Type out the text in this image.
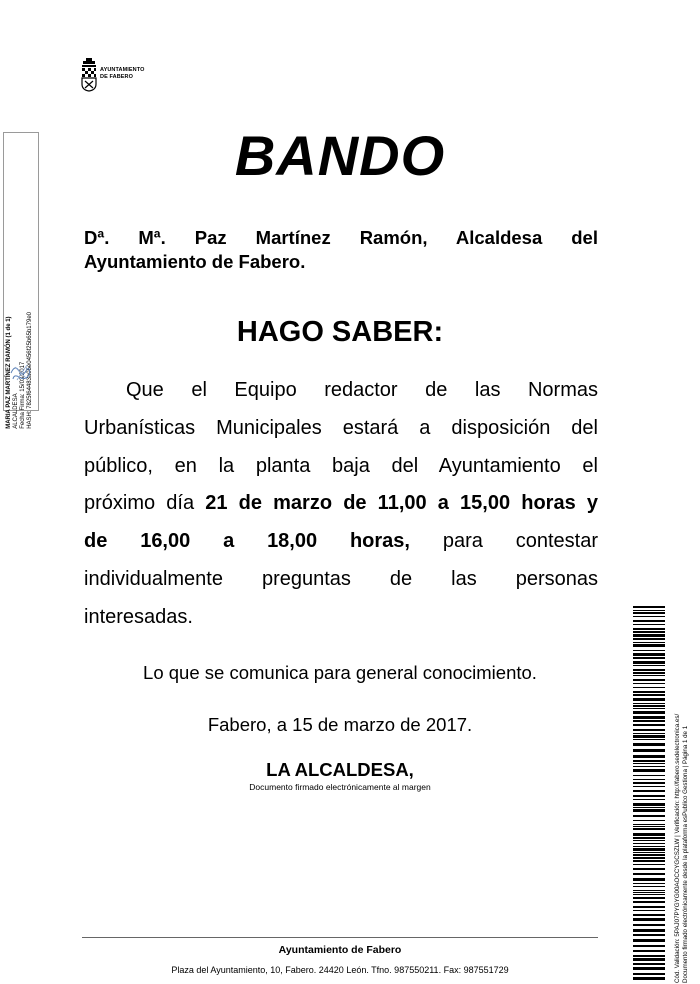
AYUNTAMIENTO
DE FABERO
MARIA PAZ MARTÍNEZ RAMÓN (1 de 1) ALCALDESA Fecha Firma: 15/03/2017 HASH: 7825f64483a05e0456f25b65b179e0
BANDO
Dª. Mª. Paz Martínez Ramón, Alcaldesa del
Ayuntamiento de Fabero.
HAGO SABER:
Que el Equipo redactor de las Normas
Urbanísticas Municipales estará a disposición del
público, en la planta baja del Ayuntamiento el
próximo día 21 de marzo de 11,00 a 15,00 horas y
de 16,00 a 18,00 horas, para contestar
individualmente preguntas de las personas
interesadas.
Lo que se comunica para general conocimiento.
Fabero, a 15 de marzo de 2017.
LA ALCALDESA,
Documento firmado electrónicamente al margen
Ayuntamiento de Fabero
Plaza del Ayuntamiento, 10, Fabero. 24420 León. Tfno. 987550211. Fax: 987551729	Cód. Validación: 5PAJ07PYGYG00AOCCYGCSZLW | Verificación: http://fabero.sedelectronica.es/ Documento firmado electrónicamente desde la plataforma esPublico Gestiona | Página 1 de 1
